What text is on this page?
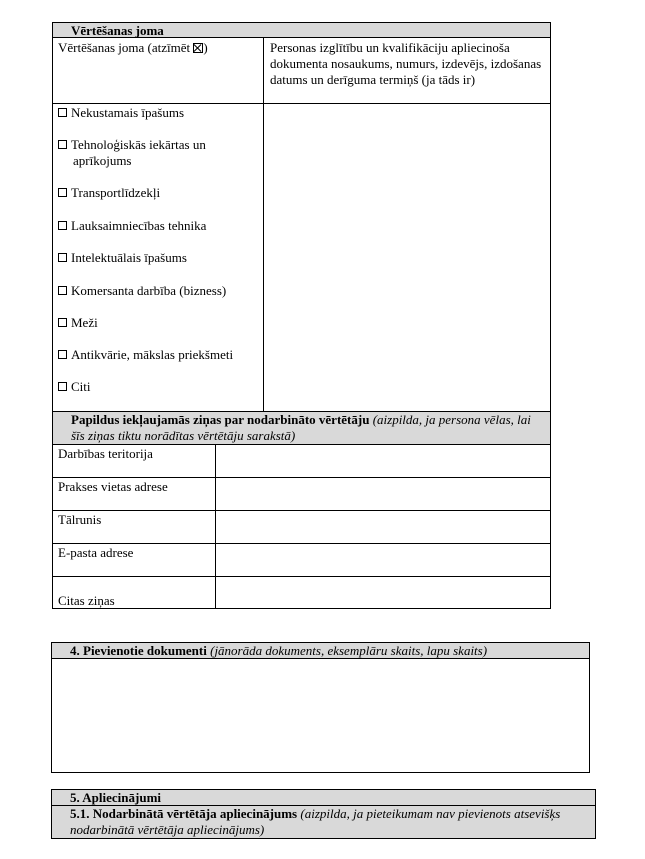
Vērtēšanas joma
Vērtēšanas joma (atzīmēt )	Personas izglītību un kvalifikāciju apliecinoša dokumenta nosaukums, numurs, izdevējs, izdošanas datums un derīguma termiņš (ja tāds ir)
Nekustamais īpašums
Tehnoloģiskās iekārtas un
aprīkojums
Transportlīdzekļi
Lauksaimniecības tehnika
Intelektuālais īpašums
Komersanta darbība (bizness)
Meži
Antikvārie, mākslas priekšmeti
Citi
Papildus iekļaujamās ziņas par nodarbināto vērtētāju (aizpilda, ja persona vēlas, lai šīs ziņas tiktu norādītas vērtētāju sarakstā)
Darbības teritorija
Prakses vietas adrese
Tālrunis
E-pasta adrese
Citas ziņas
4. Pievienotie dokumenti (jānorāda dokuments, eksemplāru skaits, lapu skaits)
5. Apliecinājumi
5.1. Nodarbinātā vērtētāja apliecinājums (aizpilda, ja pieteikumam nav pievienots atsevišķs nodarbinātā vērtētāja apliecinājums)
